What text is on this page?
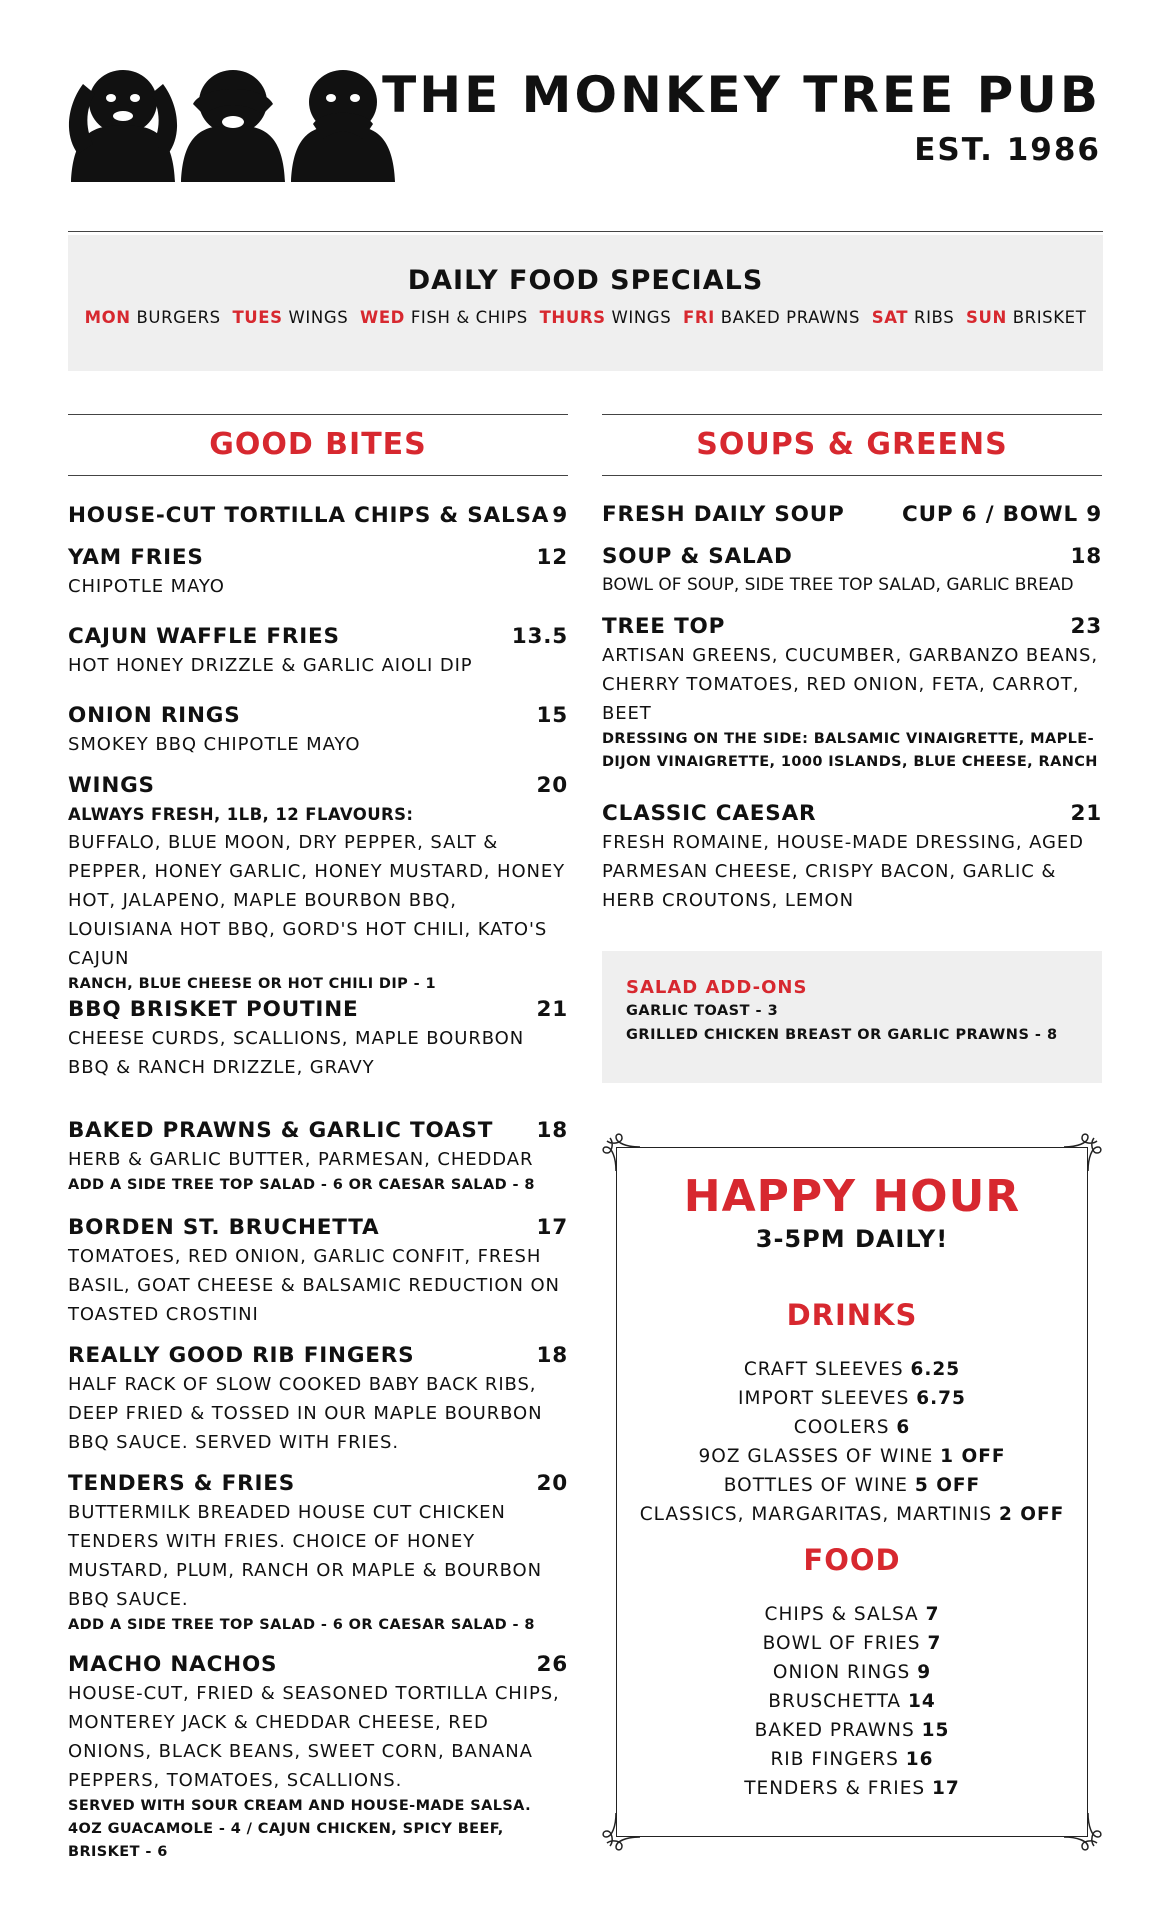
THE MONKEY TREE PUB
EST. 1986
DAILY FOOD SPECIALS
MON BURGERS TUES WINGS WED FISH & CHIPS THURS WINGS FRI BAKED PRAWNS SAT RIBS SUN BRISKET
GOOD BITES
HOUSE-CUT TORTILLA CHIPS & SALSA 9
YAM FRIES	12
CHIPOTLE MAYO
CAJUN WAFFLE FRIES	13.5
HOT HONEY DRIZZLE & GARLIC AIOLI DIP
ONION RINGS	15
SMOKEY BBQ CHIPOTLE MAYO
WINGS	20
ALWAYS FRESH, 1LB, 12 FLAVOURS:
BUFFALO, BLUE MOON, DRY PEPPER, SALT & PEPPER, HONEY GARLIC, HONEY MUSTARD, HONEY HOT, JALAPENO, MAPLE BOURBON BBQ, LOUISIANA HOT BBQ, GORD'S HOT CHILI, KATO'S CAJUN
RANCH, BLUE CHEESE OR HOT CHILI DIP - 1
BBQ BRISKET POUTINE	21
CHEESE CURDS, SCALLIONS, MAPLE BOURBON BBQ & RANCH DRIZZLE, GRAVY
BAKED PRAWNS & GARLIC TOAST 18
HERB & GARLIC BUTTER, PARMESAN, CHEDDAR
ADD A SIDE TREE TOP SALAD - 6 OR CAESAR SALAD - 8
BORDEN ST. BRUCHETTA	17
TOMATOES, RED ONION, GARLIC CONFIT, FRESH BASIL, GOAT CHEESE & BALSAMIC REDUCTION ON TOASTED CROSTINI
REALLY GOOD RIB FINGERS	18
HALF RACK OF SLOW COOKED BABY BACK RIBS, DEEP FRIED & TOSSED IN OUR MAPLE BOURBON BBQ SAUCE. SERVED WITH FRIES.
TENDERS & FRIES	20
BUTTERMILK BREADED HOUSE CUT CHICKEN TENDERS WITH FRIES. CHOICE OF HONEY MUSTARD, PLUM, RANCH OR MAPLE & BOURBON BBQ SAUCE.
ADD A SIDE TREE TOP SALAD - 6 OR CAESAR SALAD - 8
MACHO NACHOS	26
HOUSE-CUT, FRIED & SEASONED TORTILLA CHIPS, MONTEREY JACK & CHEDDAR CHEESE, RED ONIONS, BLACK BEANS, SWEET CORN, BANANA PEPPERS, TOMATOES, SCALLIONS.
SERVED WITH SOUR CREAM AND HOUSE-MADE SALSA.
4OZ GUACAMOLE - 4 / CAJUN CHICKEN, SPICY BEEF, BRISKET - 6
SOUPS & GREENS
FRESH DAILY SOUP	CUP 6 / BOWL 9
SOUP & SALAD	18
BOWL OF SOUP, SIDE TREE TOP SALAD, GARLIC BREAD
TREE TOP	23
ARTISAN GREENS, CUCUMBER, GARBANZO BEANS, CHERRY TOMATOES, RED ONION, FETA, CARROT, BEET
DRESSING ON THE SIDE: BALSAMIC VINAIGRETTE, MAPLE-DIJON VINAIGRETTE, 1000 ISLANDS, BLUE CHEESE, RANCH
CLASSIC CAESAR	21
FRESH ROMAINE, HOUSE-MADE DRESSING, AGED PARMESAN CHEESE, CRISPY BACON, GARLIC & HERB CROUTONS, LEMON
SALAD ADD-ONS
GARLIC TOAST - 3
GRILLED CHICKEN BREAST OR GARLIC PRAWNS - 8
HAPPY HOUR
3-5PM DAILY!
DRINKS
CRAFT SLEEVES 6.25
IMPORT SLEEVES 6.75
COOLERS 6
9OZ GLASSES OF WINE 1 OFF
BOTTLES OF WINE 5 OFF
CLASSICS, MARGARITAS, MARTINIS 2 OFF
FOOD
CHIPS & SALSA 7
BOWL OF FRIES 7
ONION RINGS 9
BRUSCHETTA 14
BAKED PRAWNS 15
RIB FINGERS 16
TENDERS & FRIES 17
